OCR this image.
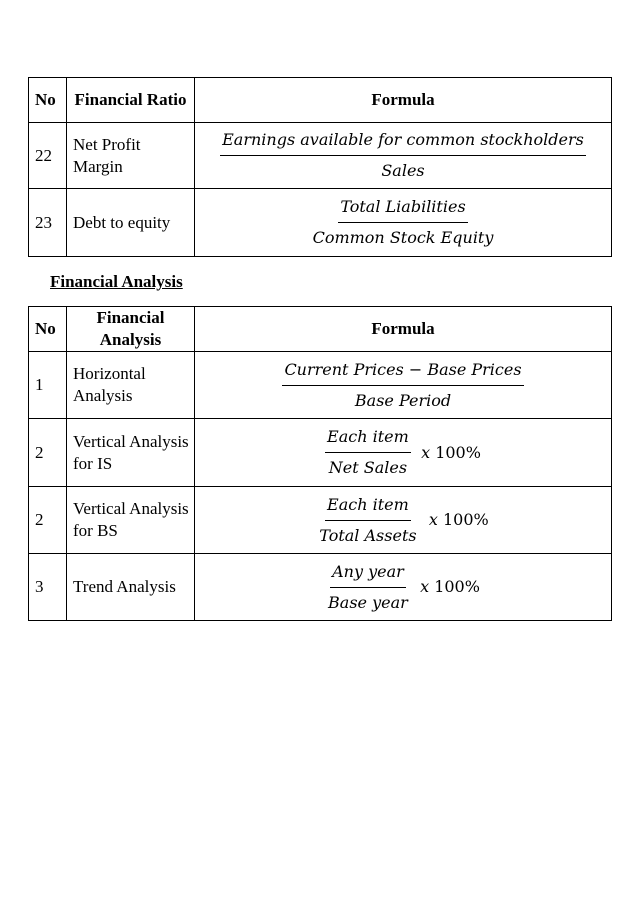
No	Financial Ratio	Formula
22	Net Profit Margin	$\frac{\text{Earnings available for common stockholders}}{\text{Sales}}$

23	Debt to equity	$\frac{\text{Total Liabilities}}{\text{Common Stock Equity}}$
Financial Analysis
No	Financial Analysis	Formula
1	Horizontal Analysis	$\frac{\text{Current Prices − Base Prices}}{\text{Base Period}}$

2	Vertical Analysis for IS	$\frac{\text{Each item}}{\text{Net Sales}}$ x 100%
2	Vertical Analysis for BS	$\frac{\text{Each item}}{\text{Total Assets}}$ x 100%
3	Trend Analysis	$\frac{\text{Any year}}{\text{Base year}}$ x 100%
